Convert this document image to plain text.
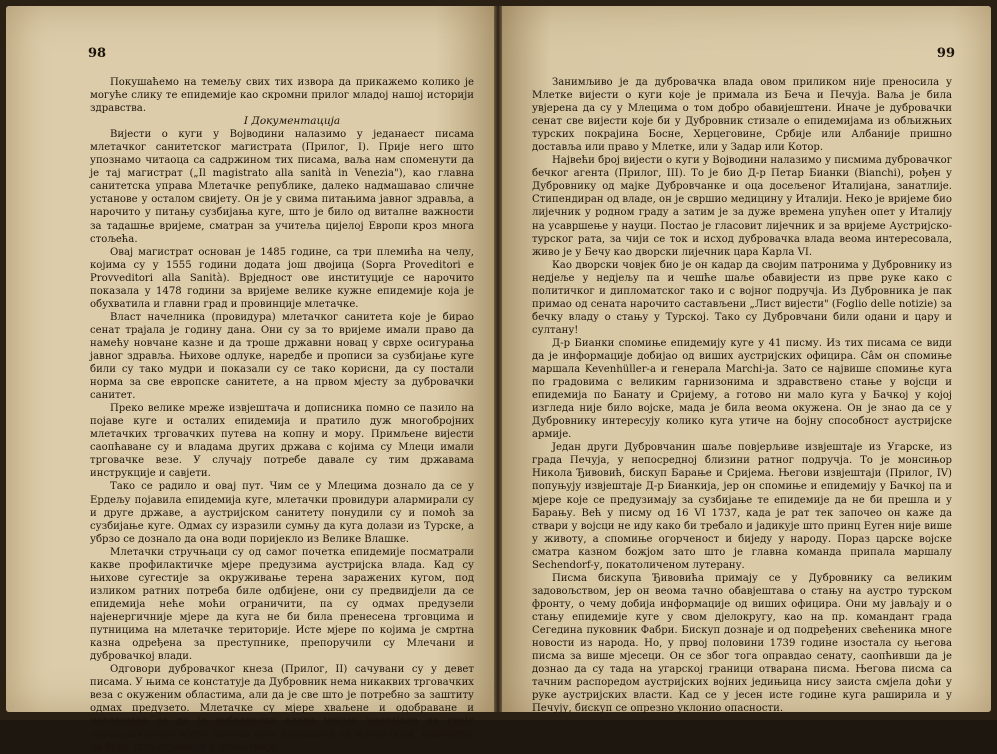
98

Покушаћемо на темељу свих тих извора да прикажемо колико је могуће слику те епидемије као скромни прилог младој нашој историји здравства.

I Документација

Вијести о куги у Војводини налазимо у једанаест писама млетачког санитетског магистрата (Прилог, I). Прије него што упознамо читаоца са садржином тих писама, ваља нам споменути да је тај магистрат („Il magistrato alla sanità in Venezia"), као главна санитетска управа Млетачке републике, далеко надмашавао сличне установе у осталом свијету. Он је у свима питањима јавног здравља, а нарочито у питању сузбијања куге, што је било од виталне важности за тадашње вријеме, сматран за учитеља цијелој Европи кроз многа стољећа.

Овај магистрат основан је 1485 године, са три племића на челу, којима су у 1555 години додата још двојица (Sopra Proveditori e Provveditori alla Sanità). Врједност ове институције се нарочито показала у 1478 години за вријеме велике кужне епидемије која је обухватила и главни град и провинције млетачке.

Власт начелника (провидура) млетачког санитета које је бирао сенат трајала је годину дана. Они су за то вријеме имали право да намећу новчане казне и да троше државни новац у сврхе осигурања јавног здравља. Њихове одлуке, наредбе и прописи за сузбијање куге били су тако мудри и показали су се тако корисни, да су постали норма за све европске санитете, а на првом мјесту за дубровачки санитет.

Преко велике мреже извјештача и дописника помно се пазило на појаве куге и осталих епидемија и пратило дуж многобројних млетачких трговачких путева на копну и мору. Примљене вијести саопћаване су и владама других држава с којима су Млеци имали трговачке везе. У случају потребе давале су тим државама инструкције и савјети.

Тако се радило и овај пут. Чим се у Млецима дознало да се у Ердељу појавила епидемија куге, млетачки провидури алармирали су и друге државе, а аустријском санитету понудили су и помоћ за сузбијање куге. Одмах су изразили сумњу да куга долази из Турске, а убрзо се дознало да она води поријекло из Велике Влашке.

Млетачки стручњаци су од самог почетка епидемије посматрали какве профилактичке мјере предузима аустријска влада. Кад су њихове сугестије за окруживање терена заражених кугом, под изликом ратних потреба биле одбијене, они су предвидјели да се епидемија неће моћи ограничити, па су одмах предузели најенергичније мјере да куга не би била пренесена трговцима и путницима на млетачке територије. Исте мјере по којима је смртна казна одређена за преступнике, препоручили су Млечани и дубровачкој влади.

Одговори дубровачког кнеза (Прилог, II) сачувани су у девет писама. У њима се констатује да Дубровник нема никаквих трговачких веза с окуженим областима, али да је све што је потребно за заштиту одмах предузето. Млетачке су мјере хваљене и одобраване и наглашава се да је дубровачка влада увијек настојала да своје профилактичне мјере против куге изједначи са млетачким, настојећи да буду што строжије и егзактније.

99

Занимљиво је да дубровачка влада овом приликом није преносила у Млетке вијести о куги које је примала из Беча и Печуја. Ваља је била увјерена да су у Млецима о том добро обавијештени. Иначе је дубровачки сенат све вијести које би у Дубровник стизале о епидемијама из обљижњих турских покрајина Босне, Херцеговине, Србије или Албаније пришно доставља или право у Млетке, или у Задар или Котор.

Највећи број вијести о куги у Војводини налазимо у писмима дубровачког бечког агента (Прилог, III). То је био Д-р Петар Бианки (Bianchi), рођен у Дубровнику од мајке Дубровчанке и оца досељеног Италијана, занатлије. Стипендиран од владе, он је свршио медицину у Италији. Неко је вријеме био лијечник у родном граду а затим је за дуже времена упућен опет у Италију на усавршење у науци. Постао је гласовит лијечник и за вријеме Аустријско-турског рата, за чији се ток и исход дубровачка влада веома интересовала, живо је у Бечу као дворски лијечник цара Карла VI.

Као дворски човјек био је он кадар да својим патронима у Дубровнику из недјеље у недјељу па и чешће шаље обавијести из прве руке како с политичког и дипломатског тако и с војног подручја. Из Дубровника је пак примао од сената нарочито састављени „Лист вијести" (Foglio delle notizie) за бечку владу о стању у Турској. Тако су Дубровчани били одани и цару и султану!

Д-р Бианки спомиње епидемију куге у 41 писму. Из тих писама се види да је информације добијао од виших аустријских официра. Сâм он спомиње маршала Kevenhüller-а и генерала Marchi-ја. Зато се највише спомиње куга по градовима с великим гарнизонима и здравствено стање у војсци и епидемија по Банату и Сријему, а готово ни мало куга у Бачкој у којој изгледа није било војске, мада је била веома окужена. Он је знао да се у Дубровнику интересују колико куга утиче на бојну способност аустријске армије.

Један други Дубровчанин шаље повјерљиве извјештаје из Угарске, из града Печуја, у непосредној близини ратног подручја. То је монсињор Никола Ђивовић, бискуп Барање и Сријема. Његови извјештаји (Прилог, IV) попуњују извјештаје Д-р Бианкија, јер он спомиње и епидемију у Бачкој па и мјере које се предузимају за сузбијање те епидемије да не би прешла и у Барању. Већ у писму од 16 VI 1737, када је рат тек започео он каже да ствари у војсци не иду како би требало и јадикује што принц Еуген није више у животу, а спомиње огорченост и биједу у народу. Пораз царске војске сматра казном божјом зато што је главна команда припала маршалу Sechendorf-у, покатоличеном лутерану.

Писма бискупа Ђивовића примају се у Дубровнику са великим задовољством, јер он веома тачно обавјештава о стању на аустро турском фронту, о чему добија информације од виших официра. Они му јављају и о стању епидемије куге у свом дјелокругу, као на пр. командант града Сегедина пуковник Фабри. Бискуп дознаје и од подређених свећеника многе новости из народа. Но, у првој половини 1739 године изостала су његова писма за више мјесеци. Он се због тога оправдао сенату, саопћивши да је дознао да су тада на угарској граници отварана писма. Његова писма са тачним распоредом аустријских војних једињица нису заиста смјела доћи у руке аустријских власти. Кад се у јесен исте године куга раширила и у Печују, бискуп се опрезно уклонио опасности.
